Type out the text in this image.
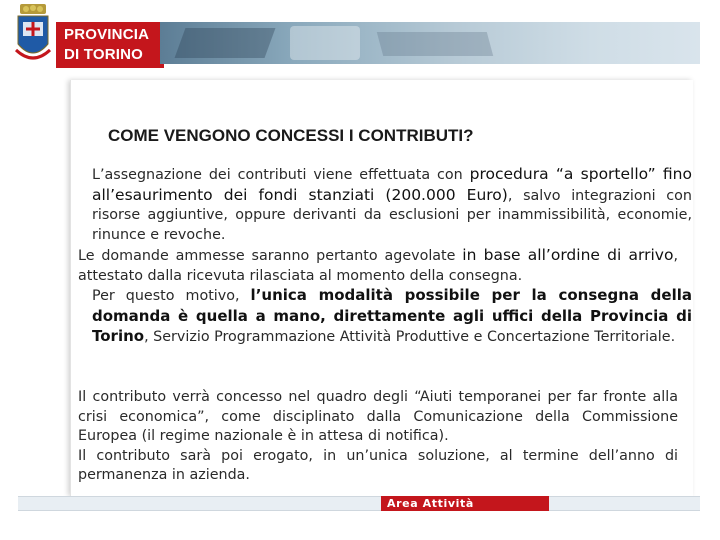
PROVINCIA
DI TORINO
COME VENGONO CONCESSI I CONTRIBUTI?
L’assegnazione dei contributi viene effettuata con procedura “a sportello” fino all’esaurimento dei fondi stanziati (200.000 Euro), salvo integrazioni con risorse aggiuntive, oppure derivanti da esclusioni per inammissibilità, economie, rinunce e revoche.
Le domande ammesse saranno pertanto agevolate in base all’ordine di arrivo, attestato dalla ricevuta rilasciata al momento della consegna.
Per questo motivo, l’unica modalità possibile per la consegna della domanda è quella a mano, direttamente agli uffici della Provincia di Torino, Servizio Programmazione Attività Produttive e Concertazione Territoriale.
Il contributo verrà concesso nel quadro degli “Aiuti temporanei per far fronte alla crisi economica”, come disciplinato dalla Comunicazione della Commissione Europea (il regime nazionale è in attesa di notifica).
Il contributo sarà poi erogato, in un’unica soluzione, al termine dell’anno di permanenza in azienda.
Area Attività produttive
